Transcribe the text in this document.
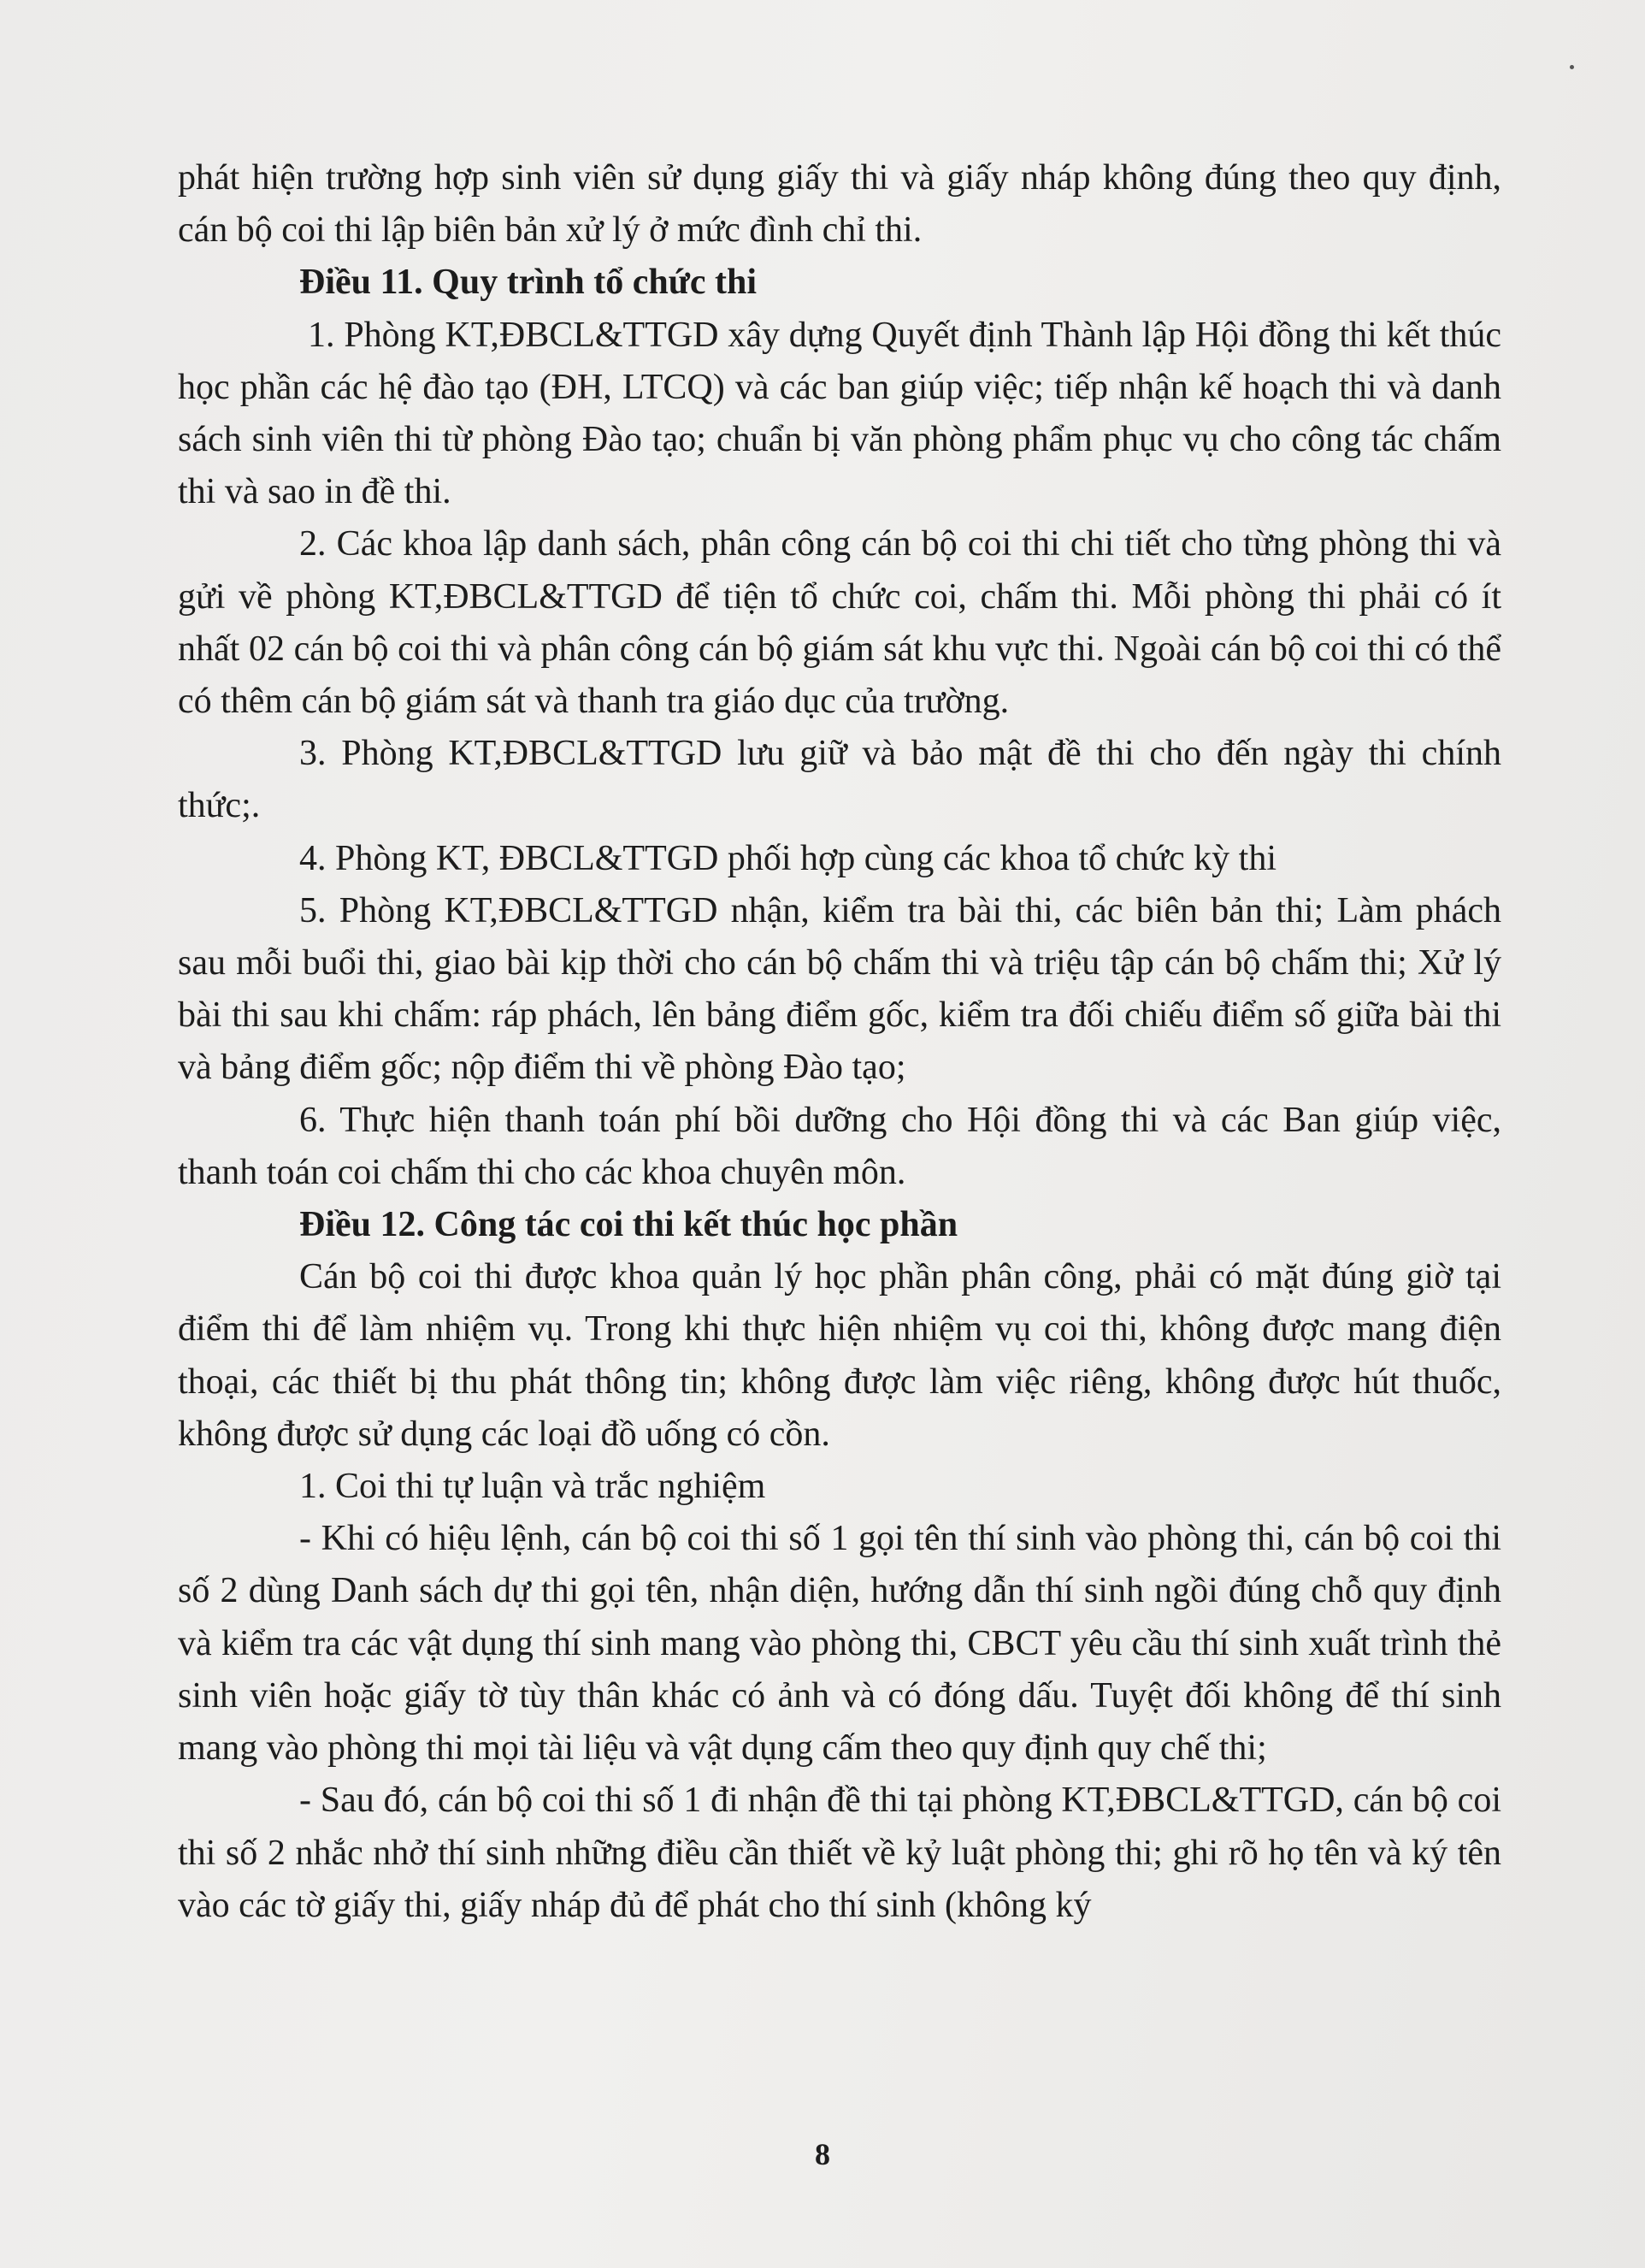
phát hiện trường hợp sinh viên sử dụng giấy thi và giấy nháp không đúng theo quy định, cán bộ coi thi lập biên bản xử lý ở mức đình chỉ thi.

Điều 11. Quy trình tổ chức thi

1. Phòng KT,ĐBCL&TTGD xây dựng Quyết định Thành lập Hội đồng thi kết thúc học phần các hệ đào tạo (ĐH, LTCQ) và các ban giúp việc; tiếp nhận kế hoạch thi và danh sách sinh viên thi từ phòng Đào tạo; chuẩn bị văn phòng phẩm phục vụ cho công tác chấm thi và sao in đề thi.

2. Các khoa lập danh sách, phân công cán bộ coi thi chi tiết cho từng phòng thi và gửi về phòng KT,ĐBCL&TTGD để tiện tổ chức coi, chấm thi. Mỗi phòng thi phải có ít nhất 02 cán bộ coi thi và phân công cán bộ giám sát khu vực thi. Ngoài cán bộ coi thi có thể có thêm cán bộ giám sát và thanh tra giáo dục của trường.

3. Phòng KT,ĐBCL&TTGD lưu giữ và bảo mật đề thi cho đến ngày thi chính thức;.

4. Phòng KT, ĐBCL&TTGD phối hợp cùng các khoa tổ chức kỳ thi

5. Phòng KT,ĐBCL&TTGD nhận, kiểm tra bài thi, các biên bản thi; Làm phách sau mỗi buổi thi, giao bài kịp thời cho cán bộ chấm thi và triệu tập cán bộ chấm thi; Xử lý bài thi sau khi chấm: ráp phách, lên bảng điểm gốc, kiểm tra đối chiếu điểm số giữa bài thi và bảng điểm gốc; nộp điểm thi về phòng Đào tạo;

6. Thực hiện thanh toán phí bồi dưỡng cho Hội đồng thi và các Ban giúp việc, thanh toán coi chấm thi cho các khoa chuyên môn.

Điều 12. Công tác coi thi kết thúc học phần

Cán bộ coi thi được khoa quản lý học phần phân công, phải có mặt đúng giờ tại điểm thi để làm nhiệm vụ. Trong khi thực hiện nhiệm vụ coi thi, không được mang điện thoại, các thiết bị thu phát thông tin; không được làm việc riêng, không được hút thuốc, không được sử dụng các loại đồ uống có cồn.

1. Coi thi tự luận và trắc nghiệm

- Khi có hiệu lệnh, cán bộ coi thi số 1 gọi tên thí sinh vào phòng thi, cán bộ coi thi số 2 dùng Danh sách dự thi gọi tên, nhận diện, hướng dẫn thí sinh ngồi đúng chỗ quy định và kiểm tra các vật dụng thí sinh mang vào phòng thi, CBCT yêu cầu thí sinh xuất trình thẻ sinh viên hoặc giấy tờ tùy thân khác có ảnh và có đóng dấu. Tuyệt đối không để thí sinh mang vào phòng thi mọi tài liệu và vật dụng cấm theo quy định quy chế thi;

- Sau đó, cán bộ coi thi số 1 đi nhận đề thi tại phòng KT,ĐBCL&TTGD, cán bộ coi thi số 2 nhắc nhở thí sinh những điều cần thiết về kỷ luật phòng thi; ghi rõ họ tên và ký tên vào các tờ giấy thi, giấy nháp đủ để phát cho thí sinh (không ký

8
